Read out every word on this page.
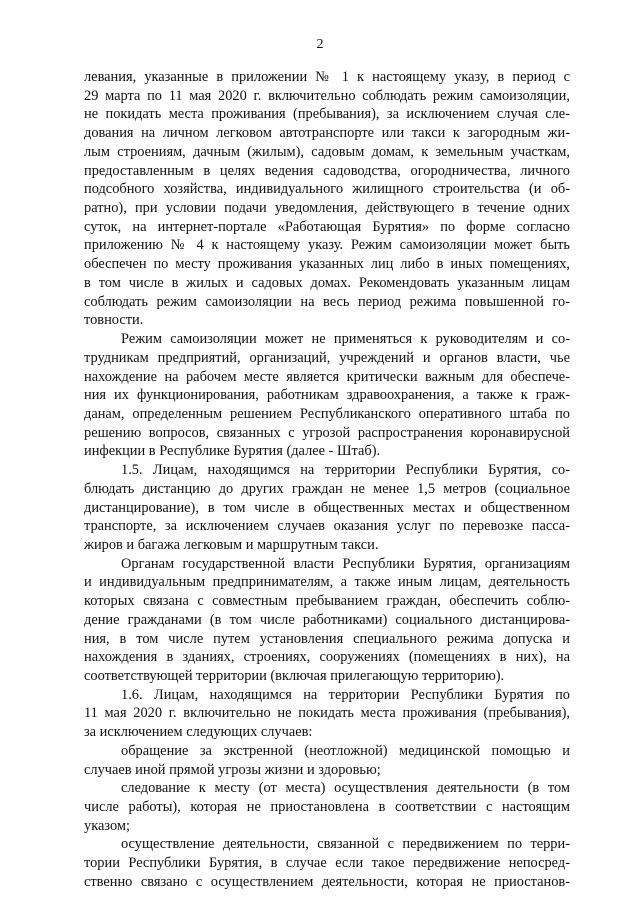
2
левания, указанные в приложении № 1 к настоящему указу, в период с
29 марта по 11 мая 2020 г. включительно соблюдать режим самоизоляции,
не покидать места проживания (пребывания), за исключением случая сле-
дования на личном легковом автотранспорте или такси к загородным жи-
лым строениям, дачным (жилым), садовым домам, к земельным участкам,
предоставленным в целях ведения садоводства, огородничества, личного
подсобного хозяйства, индивидуального жилищного строительства (и об-
ратно), при условии подачи уведомления, действующего в течение одних
суток, на интернет-портале «Работающая Бурятия» по форме согласно
приложению № 4 к настоящему указу. Режим самоизоляции может быть
обеспечен по месту проживания указанных лиц либо в иных помещениях,
в том числе в жилых и садовых домах. Рекомендовать указанным лицам
соблюдать режим самоизоляции на весь период режима повышенной го-
товности.
Режим самоизоляции может не применяться к руководителям и со-
трудникам предприятий, организаций, учреждений и органов власти, чье
нахождение на рабочем месте является критически важным для обеспече-
ния их функционирования, работникам здравоохранения, а также к граж-
данам, определенным решением Республиканского оперативного штаба по
решению вопросов, связанных с угрозой распространения коронавирусной
инфекции в Республике Бурятия (далее - Штаб).
1.5. Лицам, находящимся на территории Республики Бурятия, со-
блюдать дистанцию до других граждан не менее 1,5 метров (социальное
дистанцирование), в том числе в общественных местах и общественном
транспорте, за исключением случаев оказания услуг по перевозке пасса-
жиров и багажа легковым и маршрутным такси.
Органам государственной власти Республики Бурятия, организациям
и индивидуальным предпринимателям, а также иным лицам, деятельность
которых связана с совместным пребыванием граждан, обеспечить соблю-
дение гражданами (в том числе работниками) социального дистанцирова-
ния, в том числе путем установления специального режима допуска и
нахождения в зданиях, строениях, сооружениях (помещениях в них), на
соответствующей территории (включая прилегающую территорию).
1.6. Лицам, находящимся на территории Республики Бурятия по
11 мая 2020 г. включительно не покидать места проживания (пребывания),
за исключением следующих случаев:
обращение за экстренной (неотложной) медицинской помощью и
случаев иной прямой угрозы жизни и здоровью;
следование к месту (от места) осуществления деятельности (в том
числе работы), которая не приостановлена в соответствии с настоящим
указом;
осуществление деятельности, связанной с передвижением по терри-
тории Республики Бурятия, в случае если такое передвижение непосред-
ственно связано с осуществлением деятельности, которая не приостанов-
